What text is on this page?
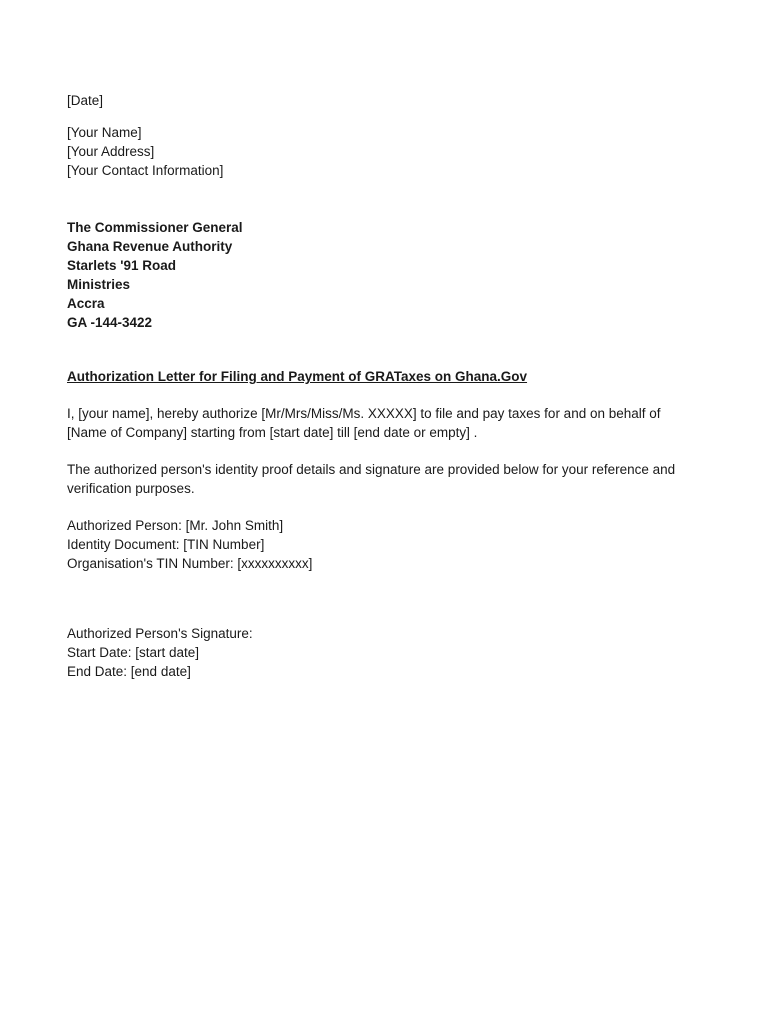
[Date]
[Your Name]
[Your Address]
[Your Contact Information]
The Commissioner General
Ghana Revenue Authority
Starlets '91 Road
Ministries
Accra
GA -144-3422
Authorization Letter for Filing and Payment of GRATaxes on Ghana.Gov
I, [your name], hereby authorize [Mr/Mrs/Miss/Ms. XXXXX] to file and pay taxes for and on behalf of
[Name of Company] starting from [start date] till [end date or empty] .
The authorized person's identity proof details and signature are provided below for your reference and
verification purposes.
Authorized Person: [Mr. John Smith]
Identity Document: [TIN Number]
Organisation's TIN Number: [xxxxxxxxxx]
Authorized Person's Signature:
Start Date: [start date]
End Date: [end date]
